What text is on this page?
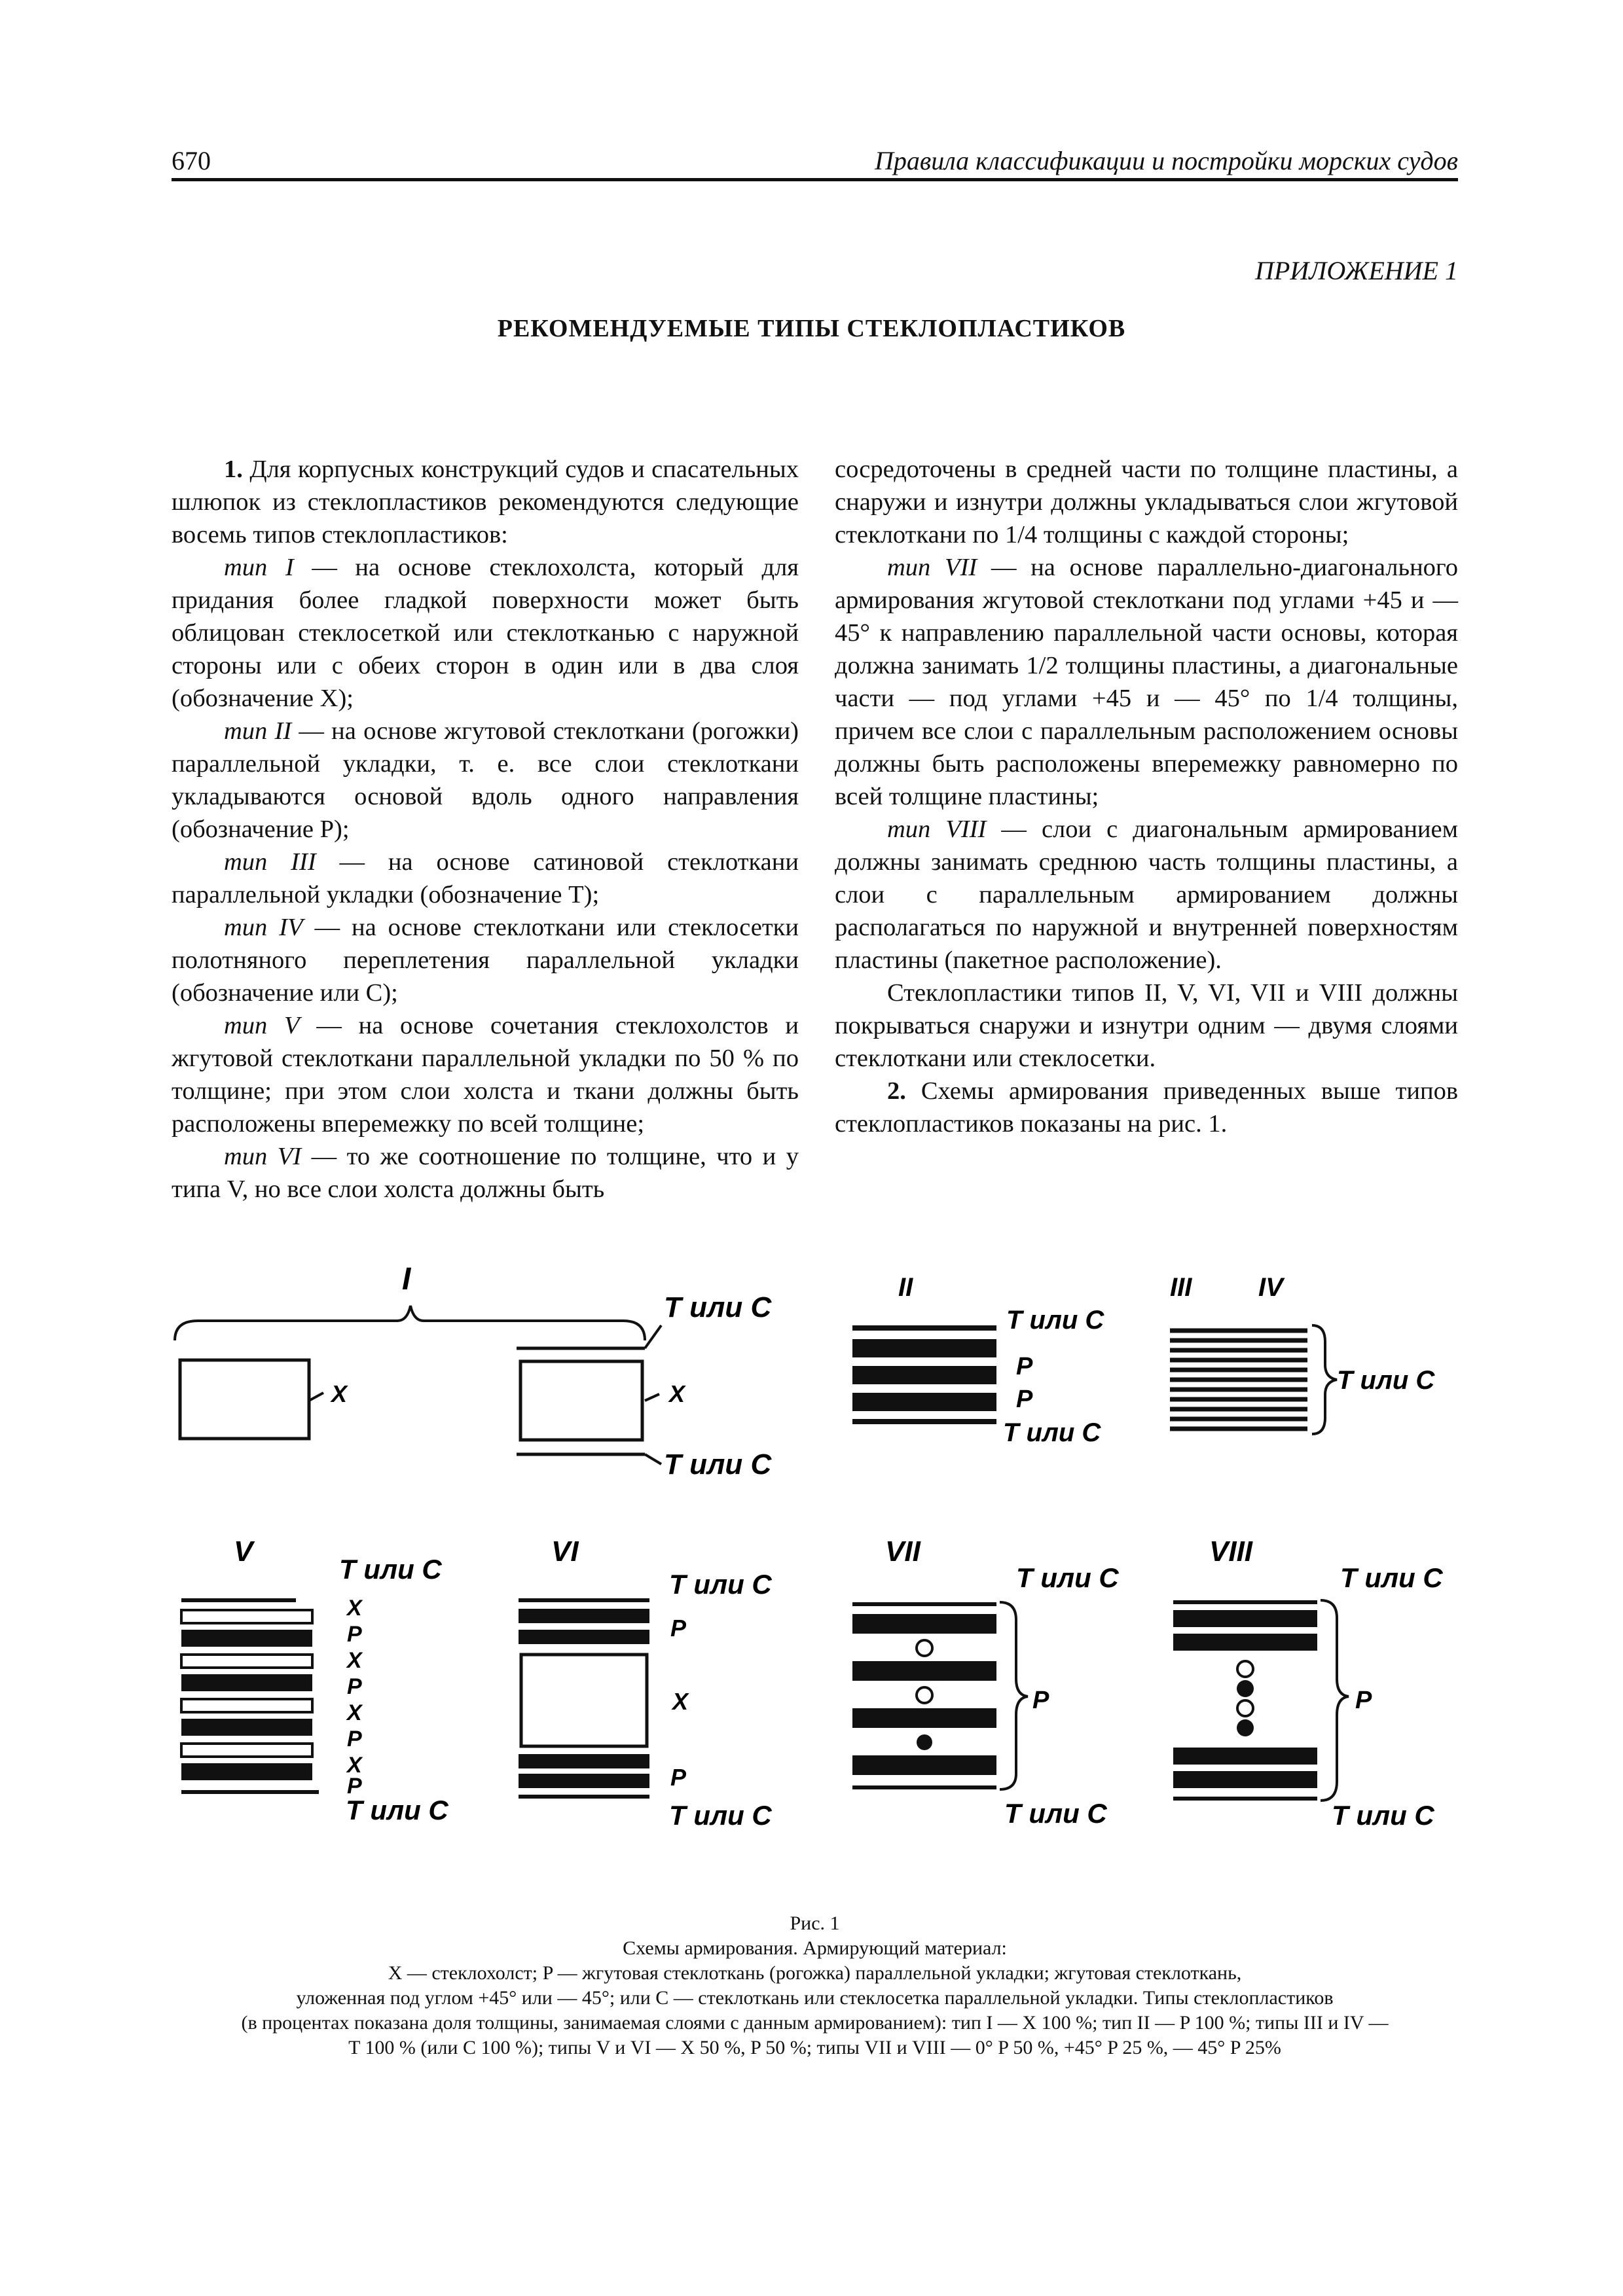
670	Правила классификации и постройки морских судов
ПРИЛОЖЕНИЕ 1
РЕКОМЕНДУЕМЫЕ ТИПЫ СТЕКЛОПЛАСТИКОВ

1. Для корпусных конструкций судов и спасательных шлюпок из стеклопластиков рекомендуются следующие восемь типов стеклопластиков:

тип I — на основе стеклохолста, который для придания более гладкой поверхности может быть облицован стеклосеткой или стеклотканью с наружной стороны или с обеих сторон в один или в два слоя (обозначение X);

тип II — на основе жгутовой стеклоткани (рогожки) параллельной укладки, т. е. все слои стеклоткани укладываются основой вдоль одного направления (обозначение P);

тип III — на основе сатиновой стеклоткани параллельной укладки (обозначение T);

тип IV — на основе стеклоткани или стеклосетки полотняного переплетения параллельной укладки (обозначение или C);

тип V — на основе сочетания стеклохолстов и жгутовой стеклоткани параллельной укладки по 50 % по толщине; при этом слои холста и ткани должны быть расположены вперемежку по всей толщине;

тип VI — то же соотношение по толщине, что и у типа V, но все слои холста должны быть

сосредоточены в средней части по толщине пластины, а снаружи и изнутри должны укладываться слои жгутовой стеклоткани по 1/4 толщины с каждой стороны;

тип VII — на основе параллельно-диагонального армирования жгутовой стеклоткани под углами +45 и — 45° к направлению параллельной части основы, которая должна занимать 1/2 толщины пластины, а диагональные части — под углами +45 и — 45° по 1/4 толщины, причем все слои с параллельным расположением основы должны быть расположены вперемежку равномерно по всей толщине пластины;

тип VIII — слои с диагональным армированием должны занимать среднюю часть толщины пластины, а слои с параллельным армированием должны располагаться по наружной и внутренней поверхностям пластины (пакетное расположение).

Стеклопластики типов II, V, VI, VII и VIII должны покрываться снаружи и изнутри одним — двумя слоями стеклоткани или стеклосетки.

2. Схемы армирования приведенных выше типов стеклопластиков показаны на рис. 1.

I
X
T или C
X
T или C
II
T или C
P
P
T или C
III	IV
T или C
V
T или C
X
P
X
P
X
P
X
P
T или C
VI
T или C
P
X
P
T или C
VII
T или C
P
T или C
VIII
T или C
P
T или C
Рис. 1
Схемы армирования. Армирующий материал:
X — стеклохолст; P — жгутовая стеклоткань (рогожка) параллельной укладки; жгутовая стеклоткань,
уложенная под углом +45° или — 45°; или C — стеклоткань или стеклосетка параллельной укладки. Типы стеклопластиков
(в процентах показана доля толщины, занимаемая слоями с данным армированием): тип I — X 100 %; тип II — P 100 %; типы III и IV —
T 100 % (или C 100 %); типы V и VI — X 50 %, P 50 %; типы VII и VIII — 0° P 50 %, +45° P 25 %, — 45° P 25%
